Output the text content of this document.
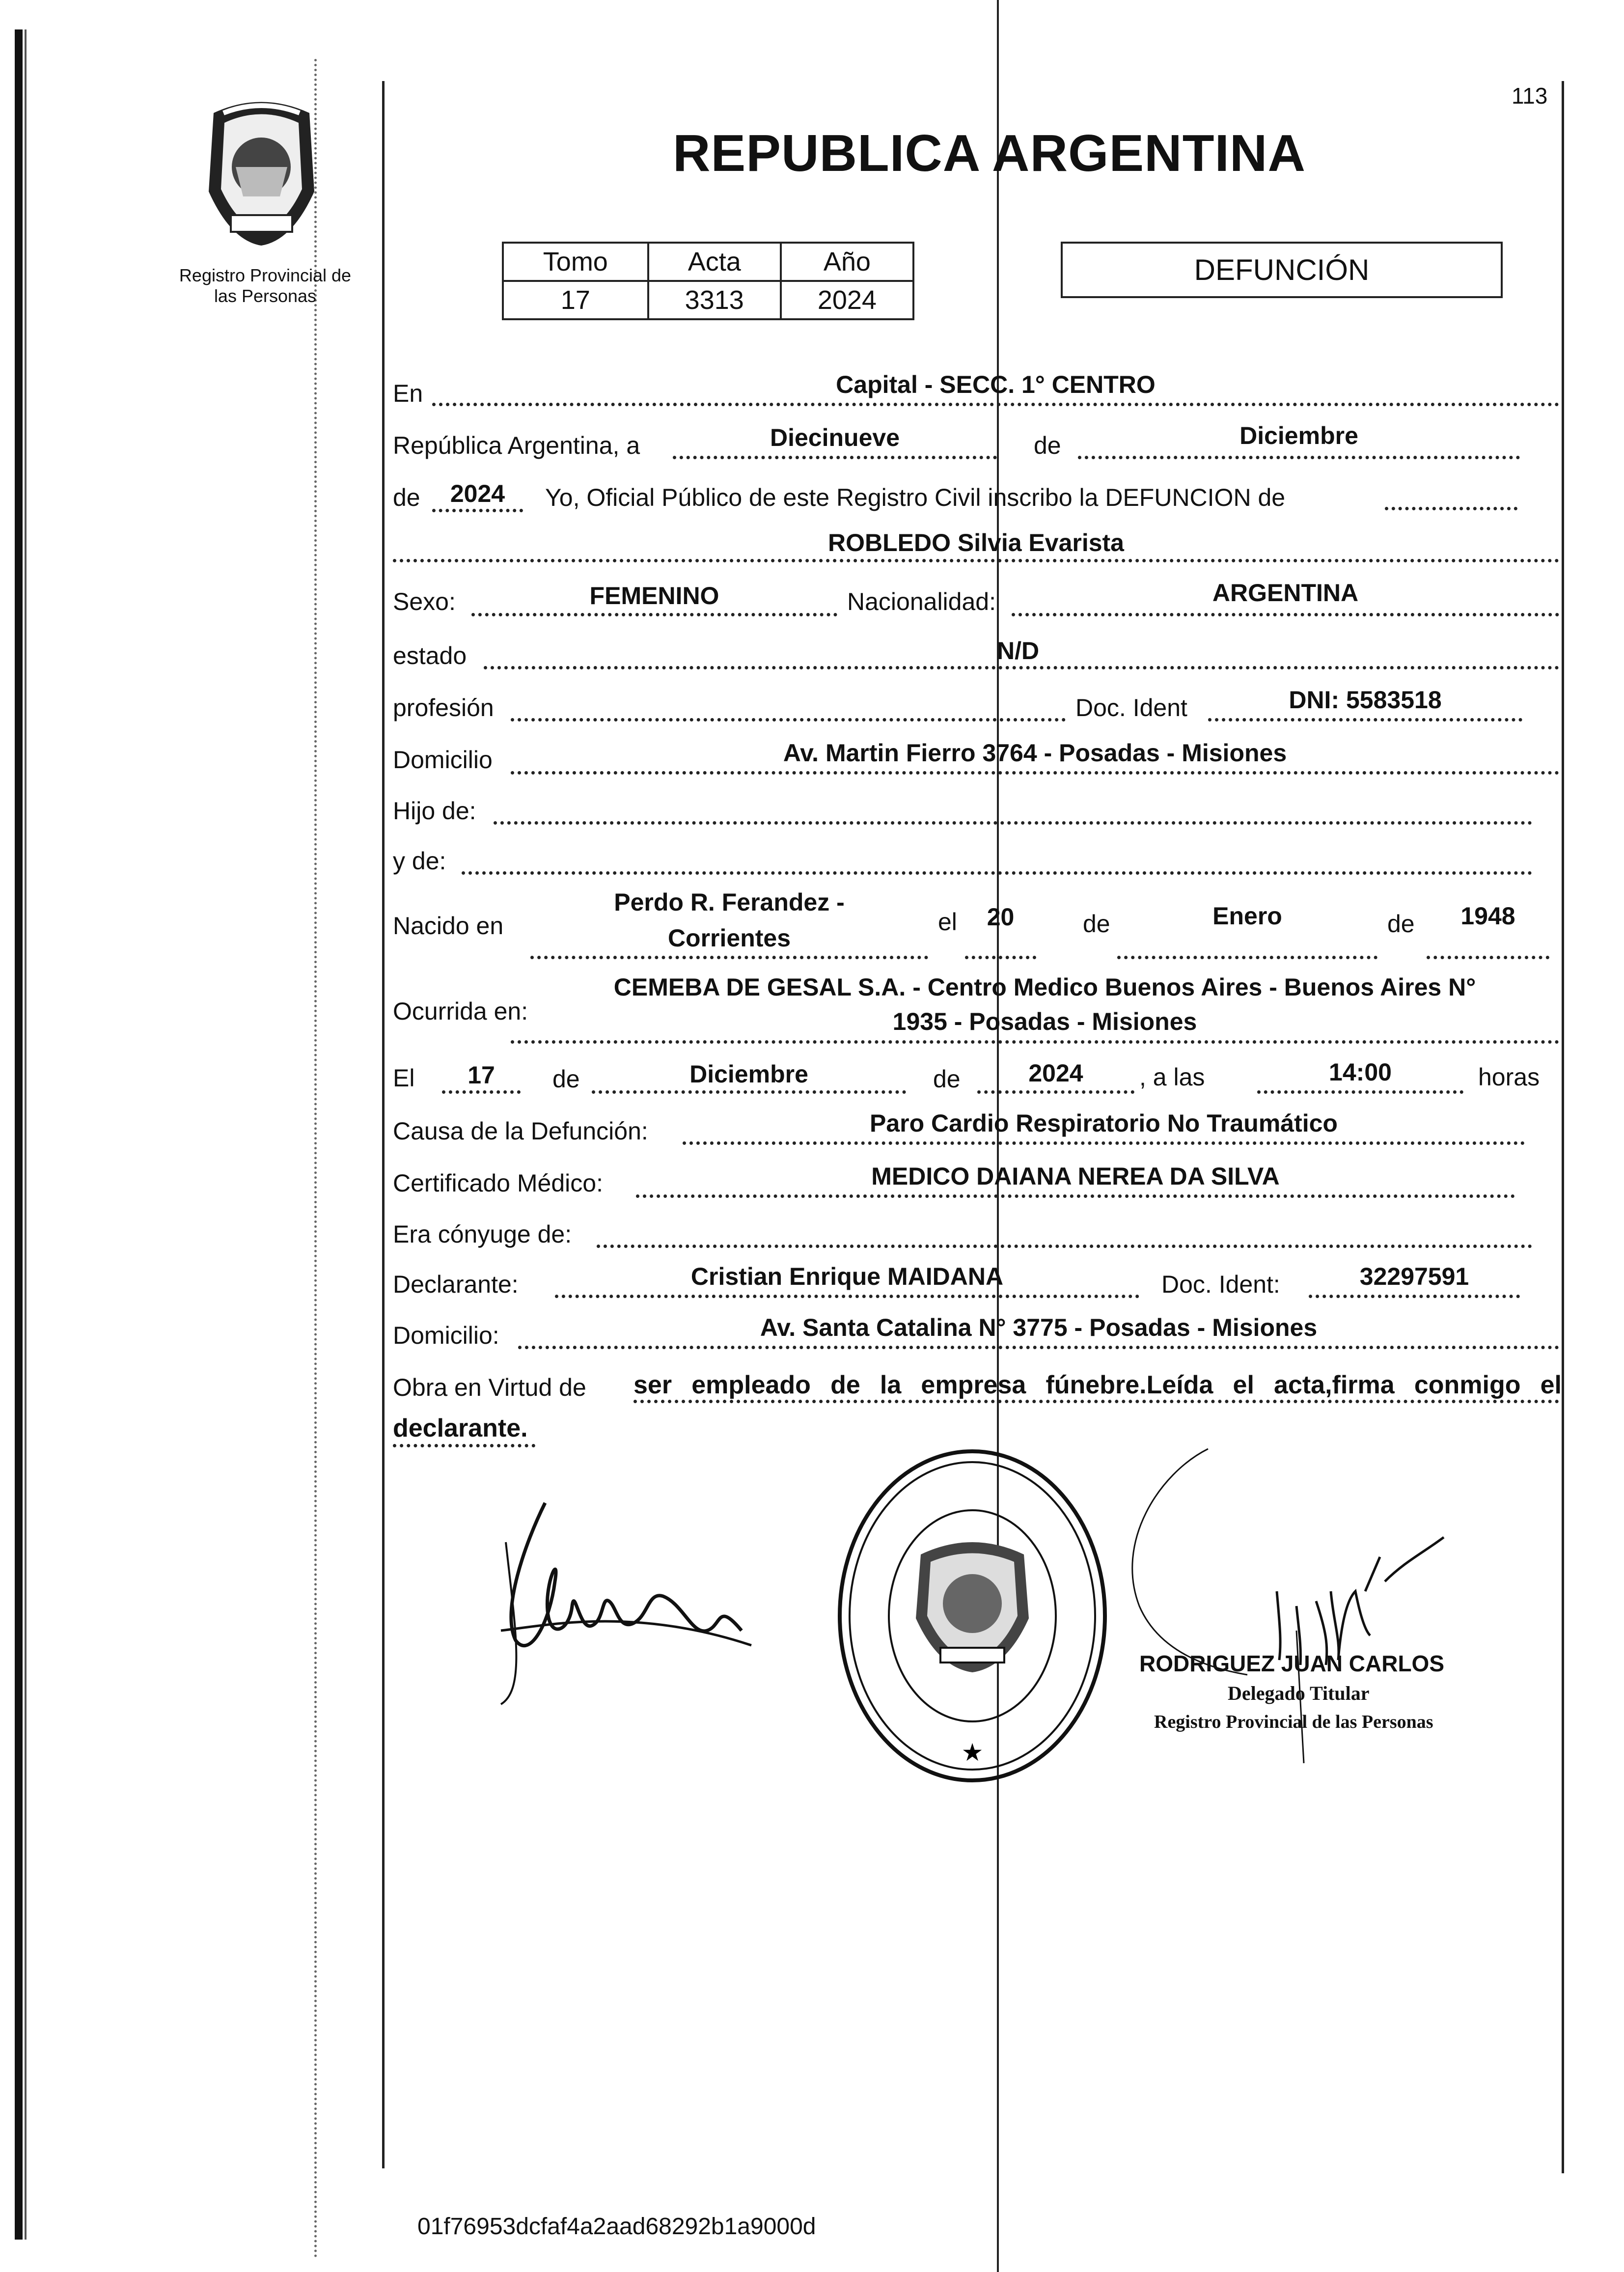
113
Registro Provincial de
las Personas
REPUBLICA ARGENTINA
Tomo	Acta	Año
17	3313	2024
DEFUNCIÓN
En	Capital - SECC. 1° CENTRO
República Argentina, a	Diecinueve	de	Diciembre
de	2024	Yo, Oficial Público de este Registro Civil inscribo la DEFUNCION de
ROBLEDO Silvia Evarista
Sexo:	FEMENINO	Nacionalidad:	ARGENTINA
estado	N/D
profesión	Doc. Ident	DNI: 5583518
Domicilio	Av. Martin Fierro 3764 - Posadas - Misiones
Hijo de:
y de:
Nacido en
Perdo R. Ferandez -
Corrientes
el	20	de	Enero	de	1948
Ocurrida en:
CEMEBA DE GESAL S.A. - Centro Medico Buenos Aires - Buenos Aires N°
1935 - Posadas - Misiones
El	17	de	Diciembre	de	2024	, a las	14:00	horas
Causa de la Defunción:	Paro Cardio Respiratorio No Traumático
Certificado Médico:	MEDICO DAIANA NEREA DA SILVA
Era cónyuge de:
Declarante:	Cristian Enrique MAIDANA	Doc. Ident:	32297591
Domicilio:	Av. Santa Catalina N° 3775 - Posadas - Misiones
Obra en Virtud de ser empleado de la empresa fúnebre.Leída el acta,firma conmigo el
declarante.
★
RODRIGUEZ JUAN CARLOS
Delegado Titular
Registro Provincial de las Personas
01f76953dcfaf4a2aad68292b1a9000d
